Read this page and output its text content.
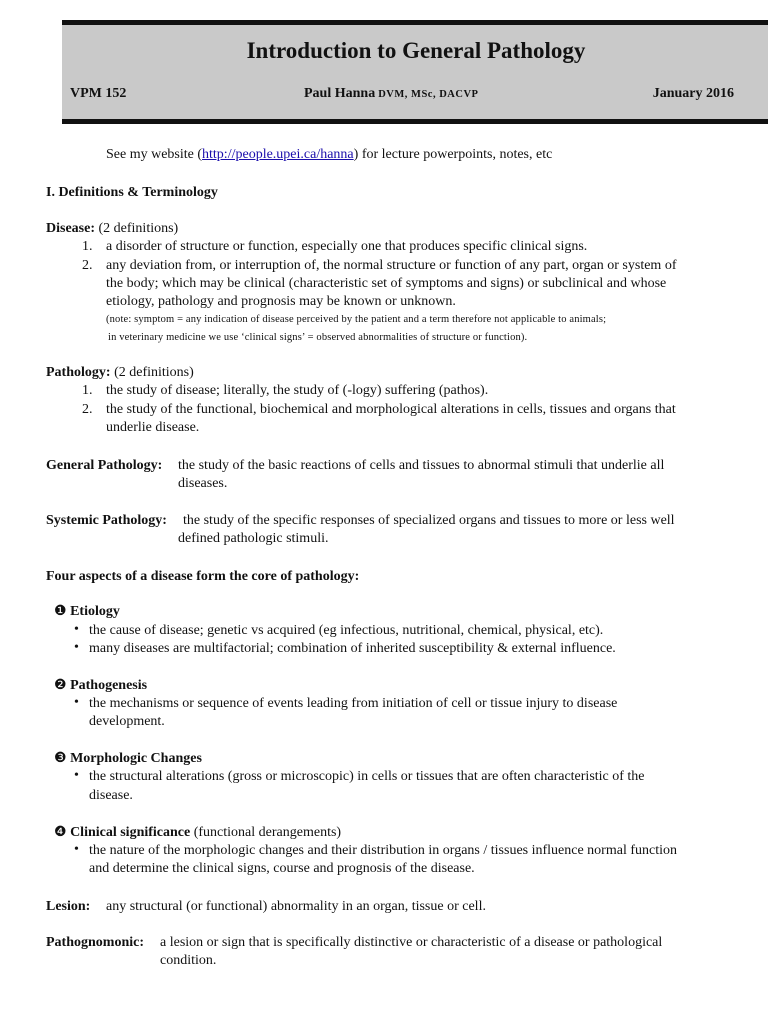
Introduction to General Pathology
VPM 152	Paul Hanna DVM, MSc, DACVP	January 2016
See my website (http://people.upei.ca/hanna) for lecture powerpoints, notes, etc
I. Definitions & Terminology
Disease: (2 definitions)
1. a disorder of structure or function, especially one that produces specific clinical signs.
2. any deviation from, or interruption of, the normal structure or function of any part, organ or system of
the body; which may be clinical (characteristic set of symptoms and signs) or subclinical and whose
etiology, pathology and prognosis may be known or unknown.
(note: symptom = any indication of disease perceived by the patient and a term therefore not applicable to animals;
in veterinary medicine we use ‘clinical signs’ = observed abnormalities of structure or function).
Pathology: (2 definitions)
1. the study of disease; literally, the study of (-logy) suffering (pathos).
2. the study of the functional, biochemical and morphological alterations in cells, tissues and organs that
underlie disease.
General Pathology: the study of the basic reactions of cells and tissues to abnormal stimuli that underlie all
diseases.
Systemic Pathology: the study of the specific responses of specialized organs and tissues to more or less well
defined pathologic stimuli.
Four aspects of a disease form the core of pathology:
❶ Etiology
• the cause of disease; genetic vs acquired (eg infectious, nutritional, chemical, physical, etc).
• many diseases are multifactorial; combination of inherited susceptibility & external influence.
❷ Pathogenesis
• the mechanisms or sequence of events leading from initiation of cell or tissue injury to disease
development.
❸ Morphologic Changes
• the structural alterations (gross or microscopic) in cells or tissues that are often characteristic of the
disease.
❹ Clinical significance (functional derangements)
• the nature of the morphologic changes and their distribution in organs / tissues influence normal function
and determine the clinical signs, course and prognosis of the disease.
Lesion: any structural (or functional) abnormality in an organ, tissue or cell.
Pathognomonic: a lesion or sign that is specifically distinctive or characteristic of a disease or pathological
condition.
